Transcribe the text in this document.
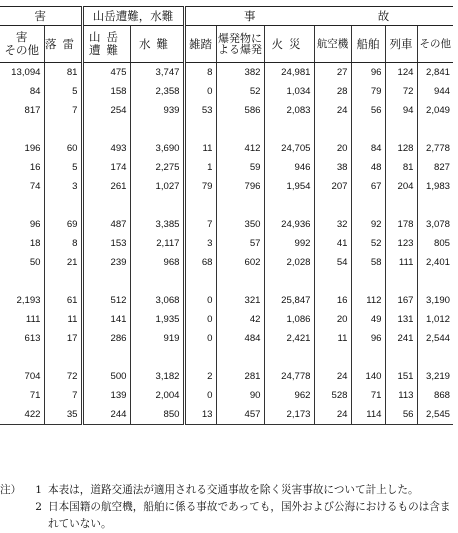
害		山岳遭難，水難		事			故			
害
その他	落雷	山岳
遭難	水難	雑踏	爆発物による爆発	火災	航空機	船舶	列車	その他
13,094	81	475	3,747	8	382	24,981	27	96	124	2,841
84	5	158	2,358	0	52	1,034	28	79	72	944
817	7	254	939	53	586	2,083	24	56	94	2,049

196	60	493	3,690	11	412	24,705	20	84	128	2,778
16	5	174	2,275	1	59	946	38	48	81	827
74	3	261	1,027	79	796	1,954	207	67	204	1,983

96	69	487	3,385	7	350	24,936	32	92	178	3,078
18	8	153	2,117	3	57	992	41	52	123	805
50	21	239	968	68	602	2,028	54	58	111	2,401

2,193	61	512	3,068	0	321	25,847	16	112	167	3,190
111	11	141	1,935	0	42	1,086	20	49	131	1,012
613	17	286	919	0	484	2,421	11	96	241	2,544

704	72	500	3,182	2	281	24,778	24	140	151	3,219
71	7	139	2,004	0	90	962	528	71	113	868
422	35	244	850	13	457	2,173	24	114	56	2,545
注）	1 本表は，道路交通法が適用される交通事故を除く災害事故について計上した。
2 日本国籍の航空機，船舶に係る事故であっても，国外および公海におけるものは含まれていない。
